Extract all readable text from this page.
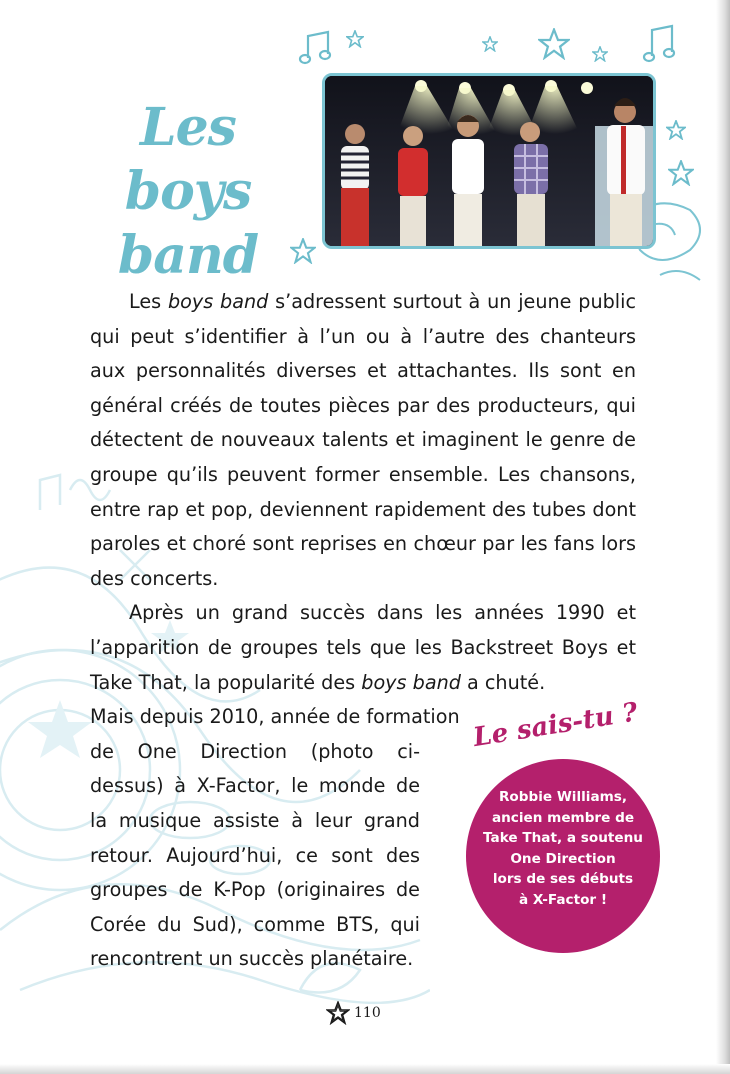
Les boys
band

Les boys band s’adressent surtout à un jeune public qui peut s’identifier à l’un ou à l’autre des chanteurs aux personnalités diverses et attachantes. Ils sont en général créés de toutes pièces par des producteurs, qui détectent de nouveaux talents et imaginent le genre de groupe qu’ils peuvent former ensemble. Les chansons, entre rap et pop, deviennent rapidement des tubes dont paroles et choré sont reprises en chœur par les fans lors des concerts.

Après un grand succès dans les années 1990 et l’apparition de groupes tels que les Backstreet Boys et Take That, la popularité des boys band a chuté.

Mais depuis 2010, année de formation
de One Direction (photo ci-dessus) à X-Factor, le monde de la musique assiste à leur grand retour. Aujourd’hui, ce sont des groupes de K-Pop (originaires de Corée du Sud), comme BTS, qui rencontrent un succès planétaire.
Le sais-tu ?
Robbie Williams,
ancien membre de
Take That, a soutenu
One Direction
lors de ses débuts
à X-Factor !
110
